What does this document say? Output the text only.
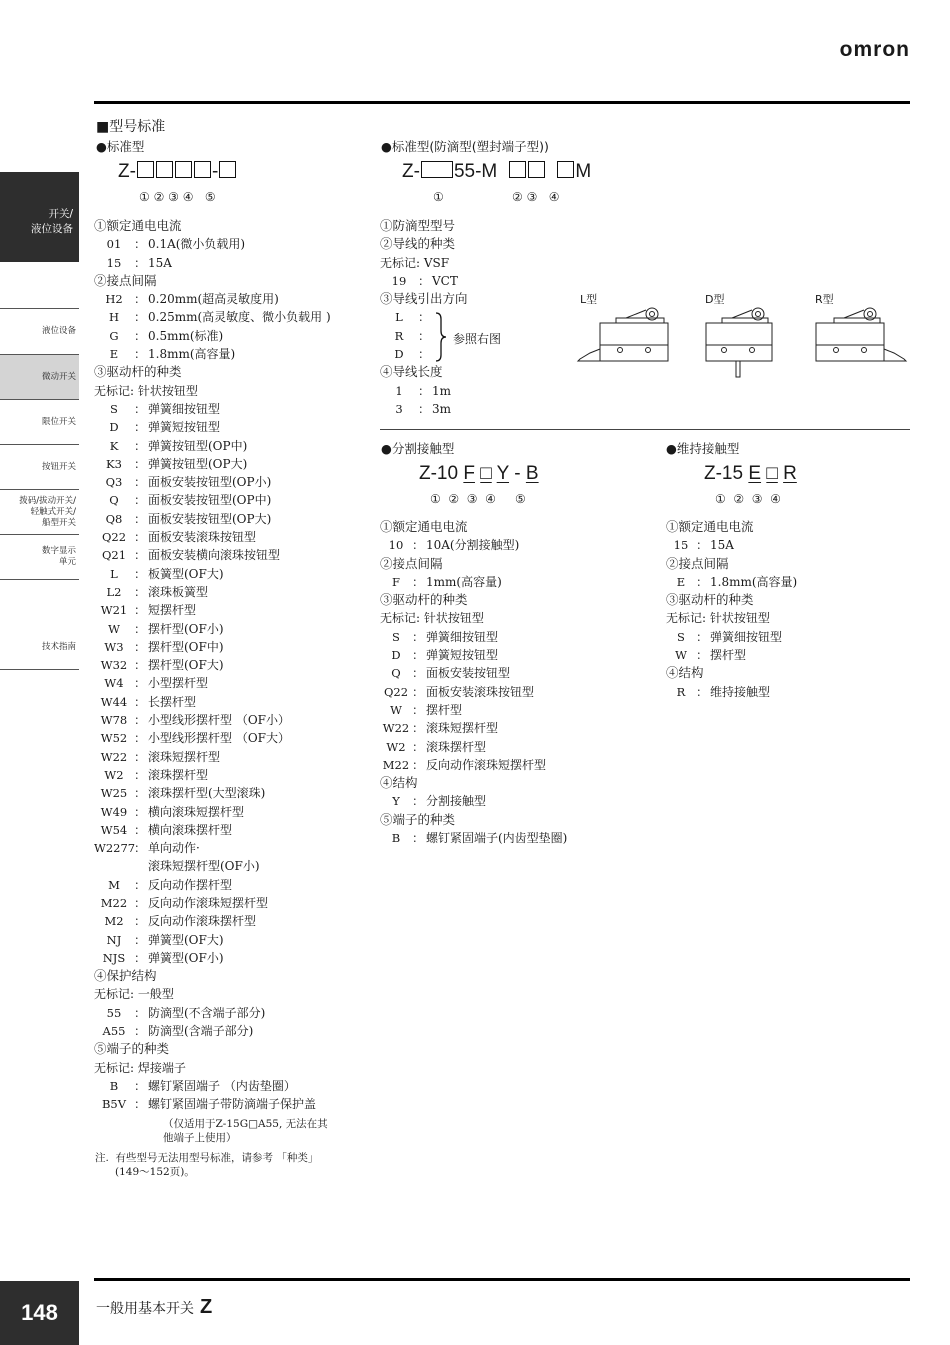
omron
开关/
液位设备
液位设备
微动开关
限位开关
按钮开关
拨码/拔动开关/
轻触式开关/
船型开关
数字显示
单元
技术指南
■型号标准
●标准型
Z-	-
① ② ③ ④   ⑤
①额定通电电流
01	： 0.1A(微小负载用)
15	： 15A
②接点间隔
H2 ： 0.20mm(超高灵敏度用)
H	： 0.25mm(高灵敏度、微小负载用 )
G	： 0.5mm(标准)
E	： 1.8mm(高容量)
③驱动杆的种类
无标记: 针状按钮型
S	： 弹簧细按钮型
D	： 弹簧短按钮型
K	： 弹簧按钮型(OP中)
K3	： 弹簧按钮型(OP大)
Q3 ： 面板安装按钮型(OP小)
Q	： 面板安装按钮型(OP中)
Q8 ： 面板安装按钮型(OP大)
Q22 ： 面板安装滚珠按钮型
Q21 ： 面板安装横向滚珠按钮型
L	： 板簧型(OF大)
L2	： 滚珠板簧型
W21 ： 短摆杆型
W	： 摆杆型(OF小)
W3 ： 摆杆型(OF中)
W32 ： 摆杆型(OF大)
W4 ： 小型摆杆型
W44 ： 长摆杆型
W78 ： 小型线形摆杆型 （OF小）
W52 ： 小型线形摆杆型 （OF大）
W22 ： 滚珠短摆杆型
W2 ： 滚珠摆杆型
W25 ： 滚珠摆杆型(大型滚珠)
W49 ： 横向滚珠短摆杆型
W54 ： 横向滚珠摆杆型
W2277
： 单向动作·
滚珠短摆杆型(OF小)
M	： 反向动作摆杆型
M22 ： 反向动作滚珠短摆杆型
M2 ： 反向动作滚珠摆杆型
NJ	： 弹簧型(OF大)
NJS ： 弹簧型(OF小)
④保护结构
无标记: 一般型
55	： 防滴型(不含端子部分)
A55 ： 防滴型(含端子部分)
⑤端子的种类
无标记: 焊接端子
B	： 螺钉紧固端子 （内齿垫圈）
B5V ： 螺钉紧固端子带防滴端子保护盖
●标准型(防滴型(塑封端子型))
Z- 55-M	M
①	② ③   ④
①防滴型型号
②导线的种类
无标记: VSF
19 ： VCT
③导线引出方向
L	：
R	：
D	：
④导线长度
1	： 1m
3	： 3m
参照右图
L型	D型	R型
●分割接触型
Z-10 F □ Y - B
①  ②  ③  ④     ⑤
①额定通电电流
10 ： 10A(分割接触型)
②接点间隔
F	： 1mm(高容量)
③驱动杆的种类
无标记: 针状按钮型
S	： 弹簧细按钮型
D ： 弹簧短按钮型
Q ： 面板安装按钮型
Q22 ： 面板安装滚珠按钮型
W ： 摆杆型
W22 ： 滚珠短摆杆型
W2 ： 滚珠摆杆型
M22 ： 反向动作滚珠短摆杆型
④结构
Y	： 分割接触型
⑤端子的种类
B ： 螺钉紧固端子(内齿型垫圈)
●维持接触型
Z-15 E □ R
①  ②  ③  ④
①额定通电电流
15 ： 15A
②接点间隔
E ： 1.8mm(高容量)
③驱动杆的种类
无标记: 针状按钮型
S ： 弹簧细按钮型
W ： 摆杆型
④结构
R ： 维持接触型
（仅适用于Z-15G□A55, 无法在其
他端子上使用）
注.  有些型号无法用型号标准，请参考 「种类」
(149～152页)。
148	一般用基本开关 Z
